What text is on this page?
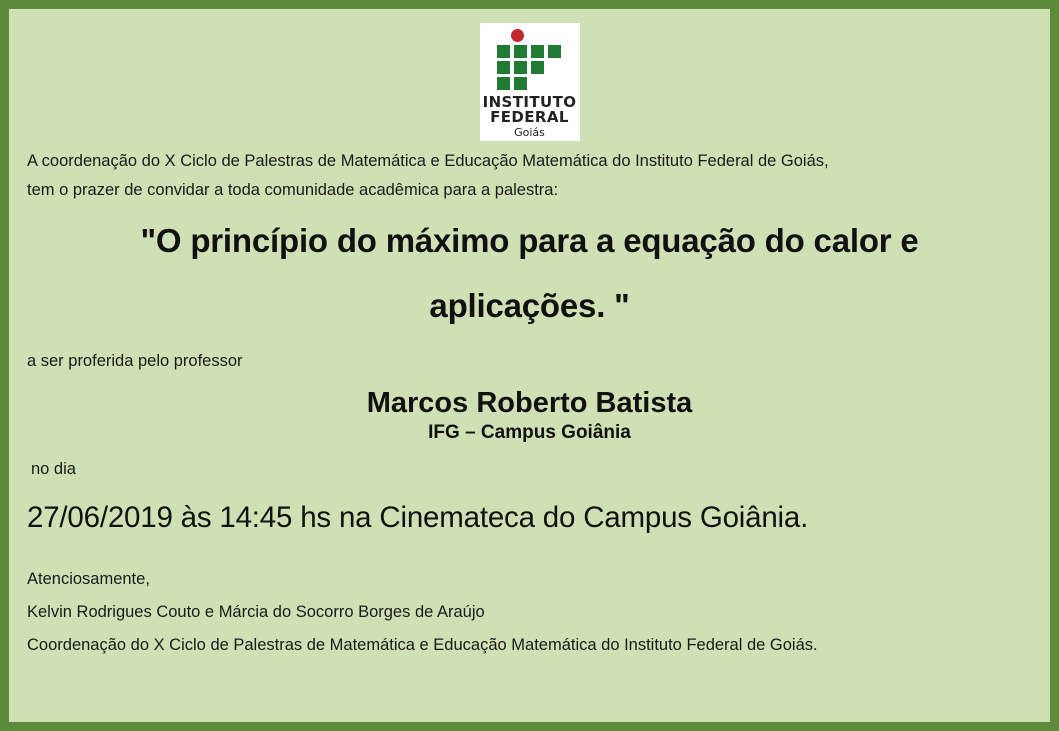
INSTITUTO
FEDERAL
Goiás
A coordenação do X Ciclo de Palestras de Matemática e Educação Matemática do Instituto Federal de Goiás,
tem o prazer de convidar a toda comunidade acadêmica para a palestra:
"O princípio do máximo para a equação do calor e
aplicações. "
a ser proferida pelo professor
Marcos Roberto Batista
IFG – Campus Goiânia
no dia
27/06/2019 às 14:45 hs na Cinemateca do Campus Goiânia.
Atenciosamente,
Kelvin Rodrigues Couto e Márcia do Socorro Borges de Araújo
Coordenação do X Ciclo de Palestras de Matemática e Educação Matemática do Instituto Federal de Goiás.
